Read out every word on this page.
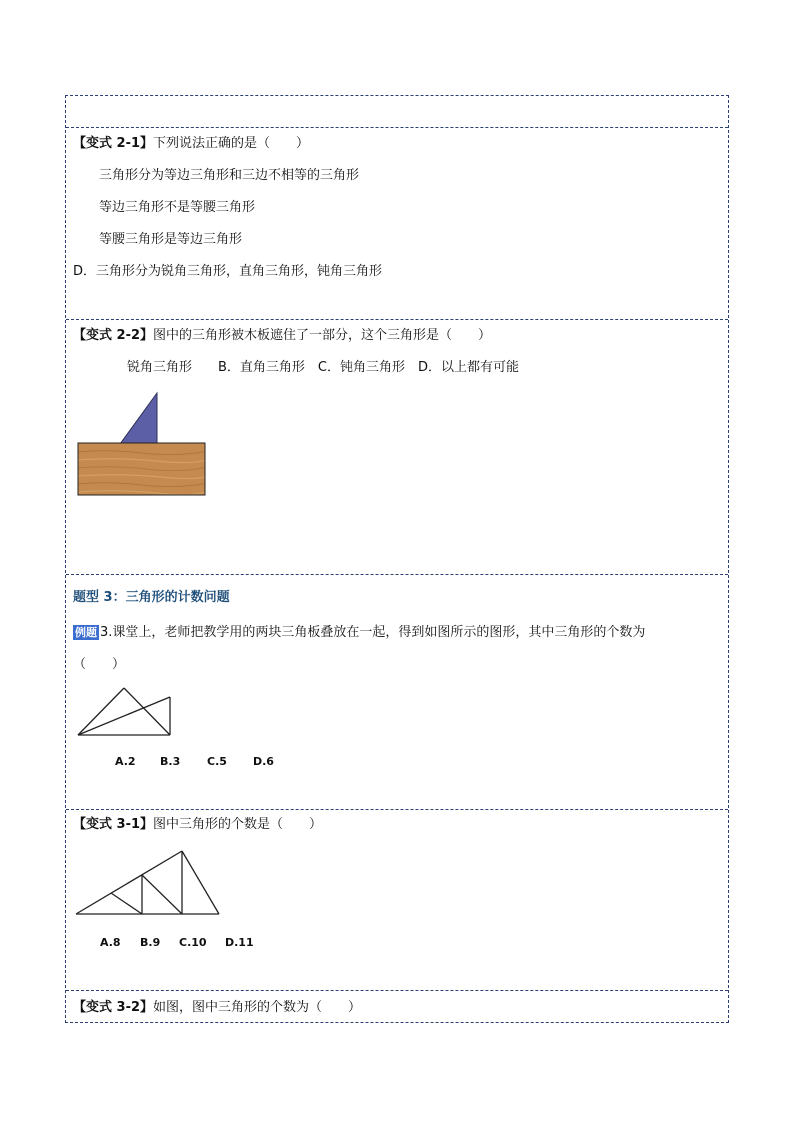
【变式 2-1】下列说法正确的是（　　）
三角形分为等边三角形和三边不相等的三角形
等边三角形不是等腰三角形
等腰三角形是等边三角形
D．三角形分为锐角三角形，直角三角形，钝角三角形
【变式 2-2】图中的三角形被木板遮住了一部分，这个三角形是（　　）
锐角三角形　　B．直角三角形　C．钝角三角形　D．以上都有可能
题型 3：三角形的计数问题
例题 3.课堂上，老师把教学用的两块三角板叠放在一起，得到如图所示的图形，其中三角形的个数为
（　　）
A.2 B.3 C.5 D.6
【变式 3-1】图中三角形的个数是（　　）
A.8 B.9 C.10 D.11
【变式 3-2】如图，图中三角形的个数为（　　）
